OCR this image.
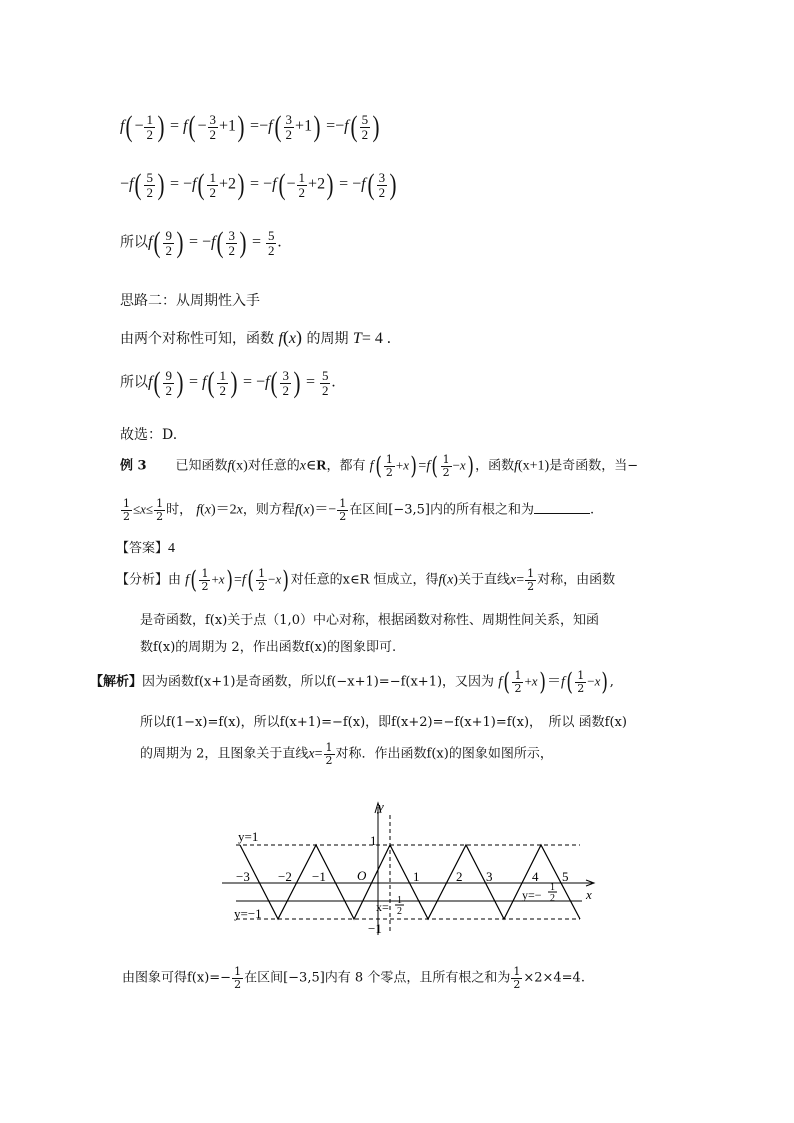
$f(- \frac{1}{2}$ ) = $f(- \frac{3}{2} +1) =-f( \frac{3}{2} +1) =-f( \frac{5}{2}$ )
$-f( \frac{5}{2}$ ) = $-f( \frac{1}{2} +2) = -f(- \frac{1}{2} +2) = -f( \frac{3}{2}$ )
所以$f( \frac{9}{2}$ ) = $-f( \frac{3}{2}$ ) = $\frac{5}{2}$ .
思路二：从周期性入手
由两个对称性可知，函数 f(x) 的周期 T= 4 .
所以$f( \frac{9}{2}$ ) = $f( \frac{1}{2}$ ) = $-f( \frac{3}{2}$ ) = $\frac{5}{2}$ .
故选：D.
例 3 已知函数f(x)对任意的x∈R，都有 $f( \frac{1}{2} +x)=f( \frac{1}{2} -x)$，函数f(x+1)是奇函数，当−
$\frac{1}{2} \le x\le \frac{1}{2}$ 时， f(x)＝2x，则方程$f(x)=- \frac{1}{2}$ 在区间[−3,5]内的所有根之和为	.
【答案】4
【分析】由 $f( \frac{1}{2} +x)=f( \frac{1}{2} -x)$对任意的x∈R 恒成立，得f(x)关于直线$x= \frac{1}{2}$ 对称，由函数
是奇函数，f(x)关于点（1,0）中心对称，根据函数对称性、周期性间关系，知函
数f(x)的周期为 2，作出函数f(x)的图象即可.
【解析】因为函数f(x+1)是奇函数，所以f(−x+1)=−f(x+1)，又因为 $f( \frac{1}{2} +x)=f( \frac{1}{2} -x)$,
所以f(1−x)=f(x)，所以f(x+1)=−f(x)，即f(x+2)=−f(x+1)=f(x)，　所以 函数f(x)
的周期为 2，且图象关于直线$x= \frac{1}{2}$ 对称．作出函数f(x)的图象如图所示，
y
x
y=1
y=−1
O
1
−1
−3 −2 −1	1	2 3	4 5
x= 1
2
y=−
1
2
由图象可得$f(x)=- \frac{1}{2}$ 在区间[−3,5]内有 8 个零点，且所有根之和为 $\frac{1}{2} \times 2\times 4=4$.
